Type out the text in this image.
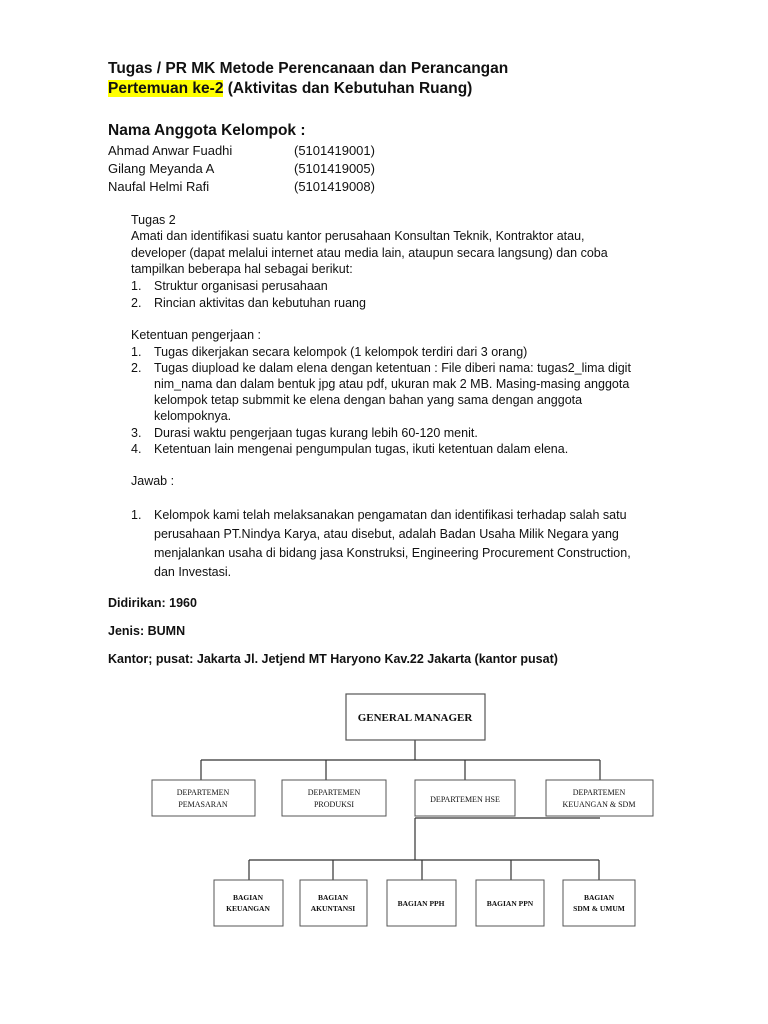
Tugas / PR MK Metode Perencanaan dan Perancangan
Pertemuan ke-2 (Aktivitas dan Kebutuhan Ruang)
Nama Anggota Kelompok :
Ahmad Anwar Fuadhi	(5101419001)
Gilang Meyanda A	(5101419005)
Naufal Helmi Rafi	(5101419008)
Tugas 2
Amati dan identifikasi suatu kantor perusahaan Konsultan Teknik, Kontraktor atau,
developer (dapat melalui internet atau media lain, ataupun secara langsung) dan coba
tampilkan beberapa hal sebagai berikut:
1. Struktur organisasi perusahaan
2. Rincian aktivitas dan kebutuhan ruang
Ketentuan pengerjaan :
1. Tugas dikerjakan secara kelompok (1 kelompok terdiri dari 3 orang)
2. Tugas diupload ke dalam elena dengan ketentuan : File diberi nama: tugas2_lima digit
nim_nama dan dalam bentuk jpg atau pdf, ukuran mak 2 MB. Masing-masing anggota
kelompok tetap submmit ke elena dengan bahan yang sama dengan anggota
kelompoknya.
3. Durasi waktu pengerjaan tugas kurang lebih 60-120 menit.
4. Ketentuan lain mengenai pengumpulan tugas, ikuti ketentuan dalam elena.
Jawab :
1. Kelompok kami telah melaksanakan pengamatan dan identifikasi terhadap salah satu
perusahaan PT.Nindya Karya, atau disebut, adalah Badan Usaha Milik Negara yang
menjalankan usaha di bidang jasa Konstruksi, Engineering Procurement Construction,
dan Investasi.
Didirikan: 1960
Jenis: BUMN
Kantor; pusat: Jakarta Jl. Jetjend MT Haryono Kav.22 Jakarta (kantor pusat)
GENERAL MANAGER
DEPARTEMEN
PEMASARAN
DEPARTEMEN
PRODUKSI
DEPARTEMEN HSE
DEPARTEMEN
KEUANGAN & SDM
BAGIAN
KEUANGAN
BAGIAN
AKUNTANSI
BAGIAN PPH	BAGIAN PPN
BAGIAN
SDM & UMUM
